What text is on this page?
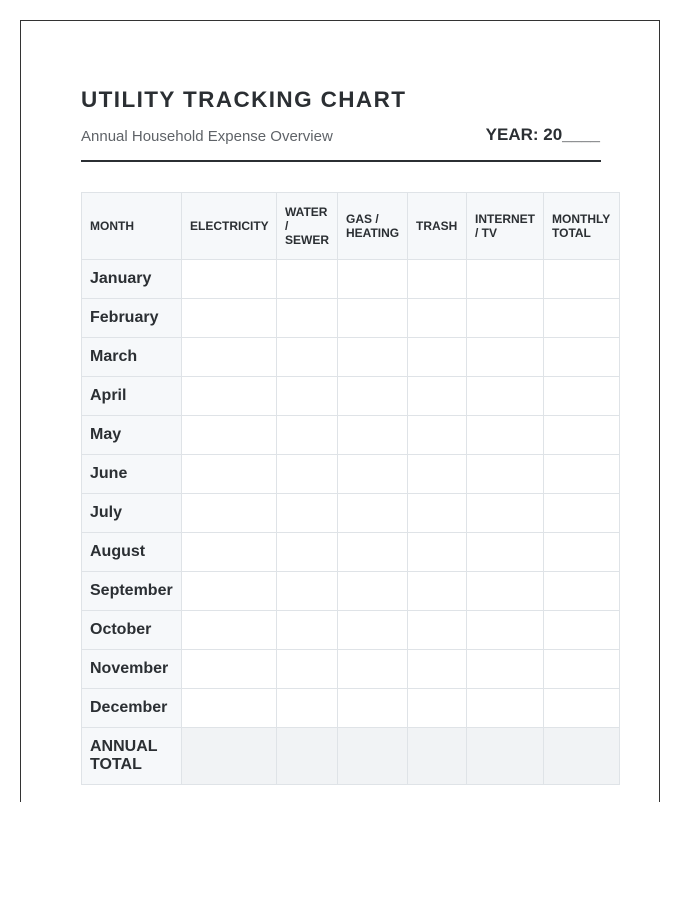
UTILITY TRACKING CHART
Annual Household Expense Overview	YEAR: 20____
MONTH	ELECTRICITY	WATER / SEWER	GAS / HEATING	TRASH	INTERNET / TV	MONTHLY TOTAL
January						
February						
March						
April						
May						
June						
July						
August						
September						
October						
November						
December						
ANNUAL TOTAL						
